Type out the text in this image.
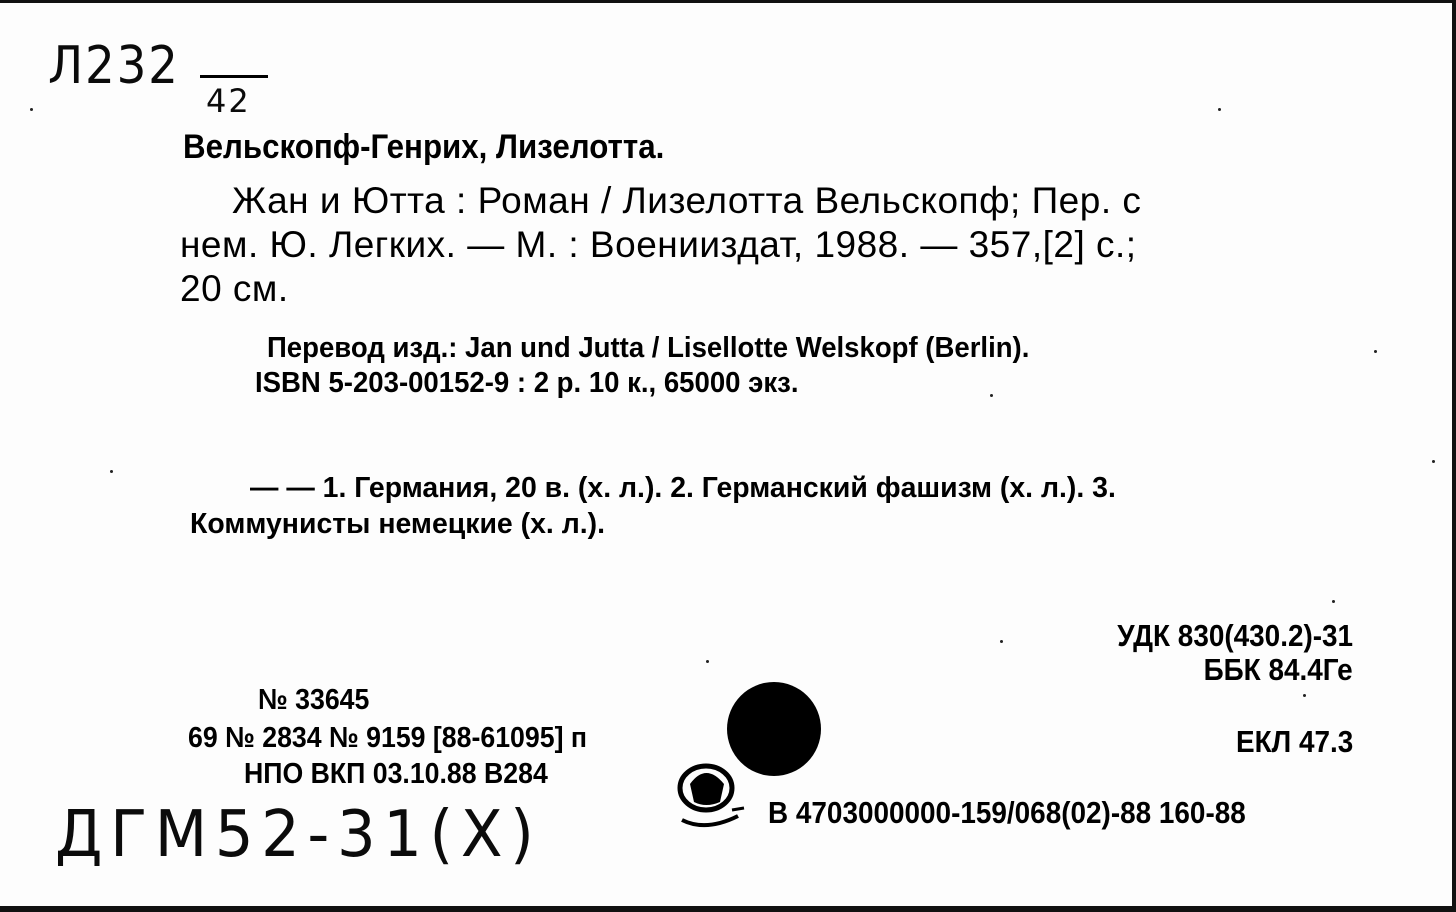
Л232
42
Вельскопф-Генрих, Лизелотта.
Жан и Ютта : Роман / Лизелотта Вельскопф; Пер. с
нем. Ю. Легких. — М. : Военииздат, 1988. — 357,[2] с.;
20 см.
Перевод изд.: Jan und Jutta / Lisellotte Welskopf (Berlin).
ISBN 5-203-00152-9 : 2 р. 10 к., 65000 экз.
— — 1. Германия, 20 в. (х. л.). 2. Германский фашизм (х. л.). 3.
Коммунисты немецкие (х. л.).
УДК 830(430.2)-31
ББК 84.4Ге
ЕКЛ 47.3
№ 33645
69 № 2834 № 9159 [88-61095] п
НПО ВКП 03.10.88 В284
В 4703000000-159/068(02)-88 160-88
ДГМ52-31(Х)
